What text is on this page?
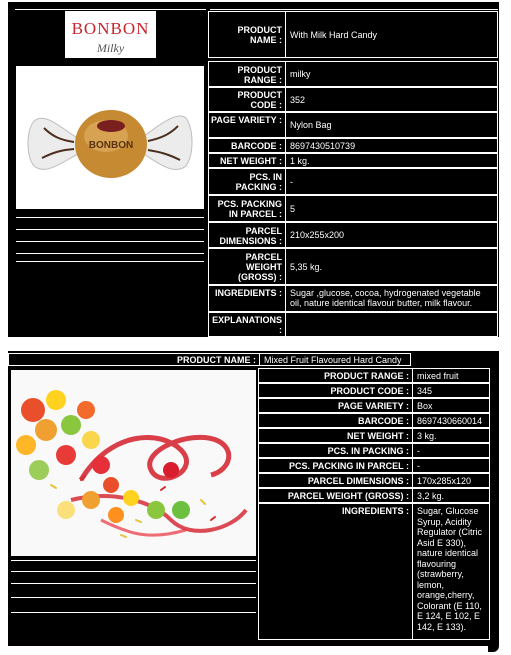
BONBON
Milky
BONBON
PRODUCT NAME :
With Milk Hard Candy
PRODUCT RANGE :
milky
PRODUCT CODE :
352
PAGE VARIETY : Nylon Bag
BARCODE : 8697430510739
NET WEIGHT : 1 kg.
PCS. IN PACKING :
-
PCS. PACKING IN PARCEL :
5
PARCEL DIMENSIONS :
210x255x200
PARCEL WEIGHT (GROSS) :
5,35 kg.
INGREDIENTS : Sugar ,glucose, cocoa, hydrogenated vegetable oil, nature identical flavour butter, milk flavour.
EXPLANATIONS :
PRODUCT NAME : Mixed Fruit Flavoured Hard Candy
PRODUCT RANGE : mixed fruit
PRODUCT CODE : 345
PAGE VARIETY : Box
BARCODE : 8697430660014
NET WEIGHT : 3 kg.
PCS. IN PACKING : -
PCS. PACKING IN PARCEL : -
PARCEL DIMENSIONS : 170x285x120
PARCEL WEIGHT (GROSS) : 3,2 kg.
INGREDIENTS : Sugar, Glucose Syrup, Acidity Regulator (Citric Asid E 330), nature identical flavouring (strawberry, lemon, orange,cherry, Colorant (E 110, E 124, E 102, E 142, E 133).
